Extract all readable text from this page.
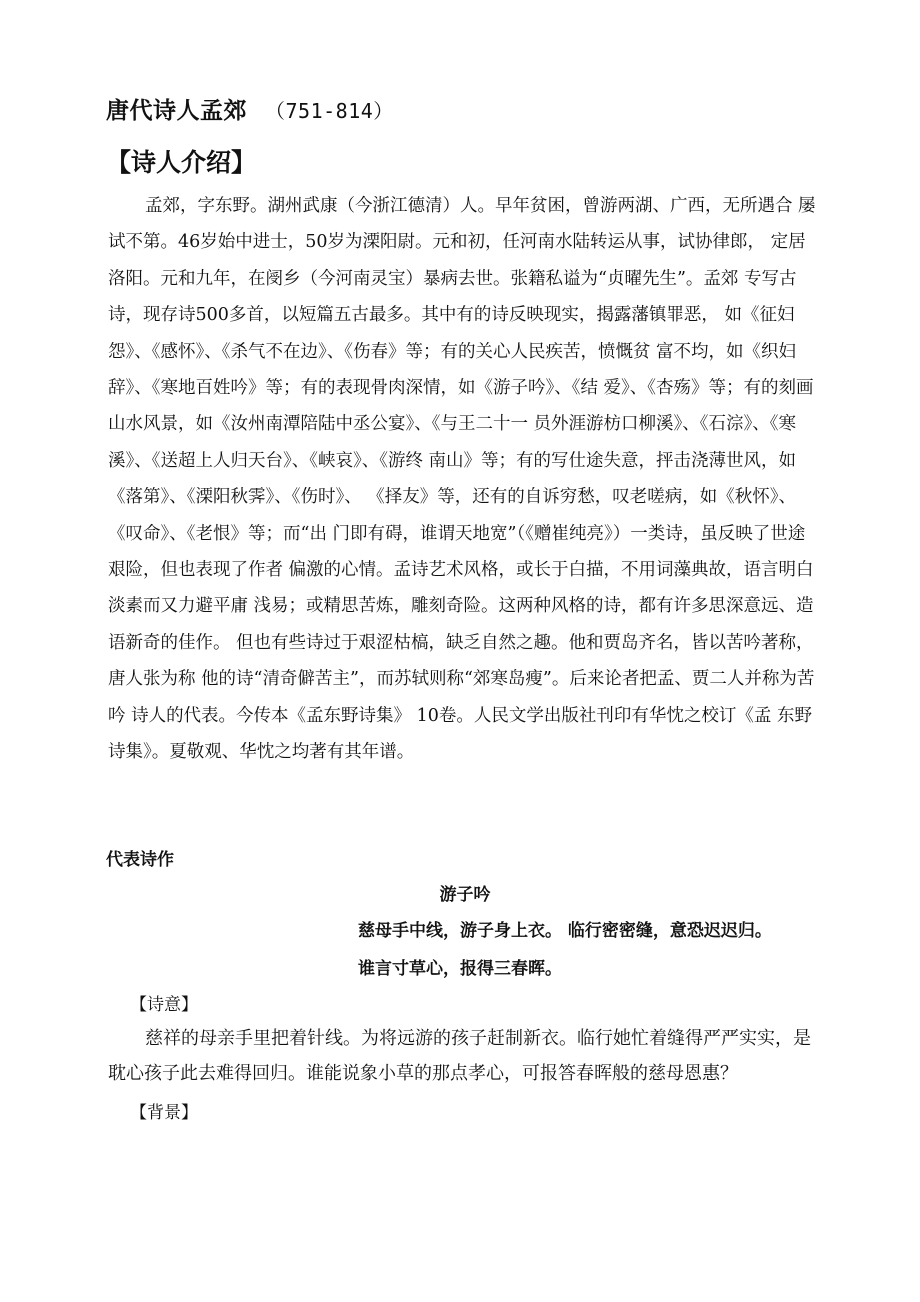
唐代诗人孟郊 （751-814）
【诗人介绍】

孟郊，字东野。湖州武康（今浙江德清）人。早年贫困，曾游两湖、广西，无所遇合 屡试不第。46岁始中进士，50岁为溧阳尉。元和初，任河南水陆转运从事，试协律郎， 定居洛阳。元和九年，在阌乡（今河南灵宝）暴病去世。张籍私谥为“贞曜先生”。孟郊 专写古诗，现存诗500多首，以短篇五古最多。其中有的诗反映现实，揭露藩镇罪恶， 如《征妇怨》、《感怀》、《杀气不在边》、《伤春》等；有的关心人民疾苦，愤慨贫 富不均，如《织妇辞》、《寒地百姓吟》等；有的表现骨肉深情，如《游子吟》、《结 爱》、《杏殇》等；有的刻画山水风景，如《汝州南潭陪陆中丞公宴》、《与王二十一 员外涯游枋口柳溪》、《石淙》、《寒溪》、《送超上人归天台》、《峡哀》、《游终 南山》等；有的写仕途失意，抨击浇薄世风，如《落第》、《溧阳秋霁》、《伤时》、 《择友》等，还有的自诉穷愁，叹老嗟病，如《秋怀》、《叹命》、《老恨》等；而“出 门即有碍，谁谓天地宽”（《赠崔纯亮》）一类诗，虽反映了世途艰险，但也表现了作者 偏激的心情。孟诗艺术风格，或长于白描，不用词藻典故，语言明白淡素而又力避平庸 浅易；或精思苦炼，雕刻奇险。这两种风格的诗，都有许多思深意远、造语新奇的佳作。 但也有些诗过于艰涩枯槁，缺乏自然之趣。他和贾岛齐名，皆以苦吟著称，唐人张为称 他的诗“清奇僻苦主”，而苏轼则称“郊寒岛瘦”。后来论者把孟、贾二人并称为苦吟 诗人的代表。今传本《孟东野诗集》 10卷。人民文学出版社刊印有华忱之校订《孟 东野诗集》。夏敬观、华忱之均著有其年谱。

代表诗作
游子吟
慈母手中线，游子身上衣。 临行密密缝，意恐迟迟归。
谁言寸草心，报得三春晖。
【诗意】

慈祥的母亲手里把着针线。为将远游的孩子赶制新衣。临行她忙着缝得严严实实，是耽心孩子此去难得回归。谁能说象小草的那点孝心，可报答春晖般的慈母恩惠？

【背景】
